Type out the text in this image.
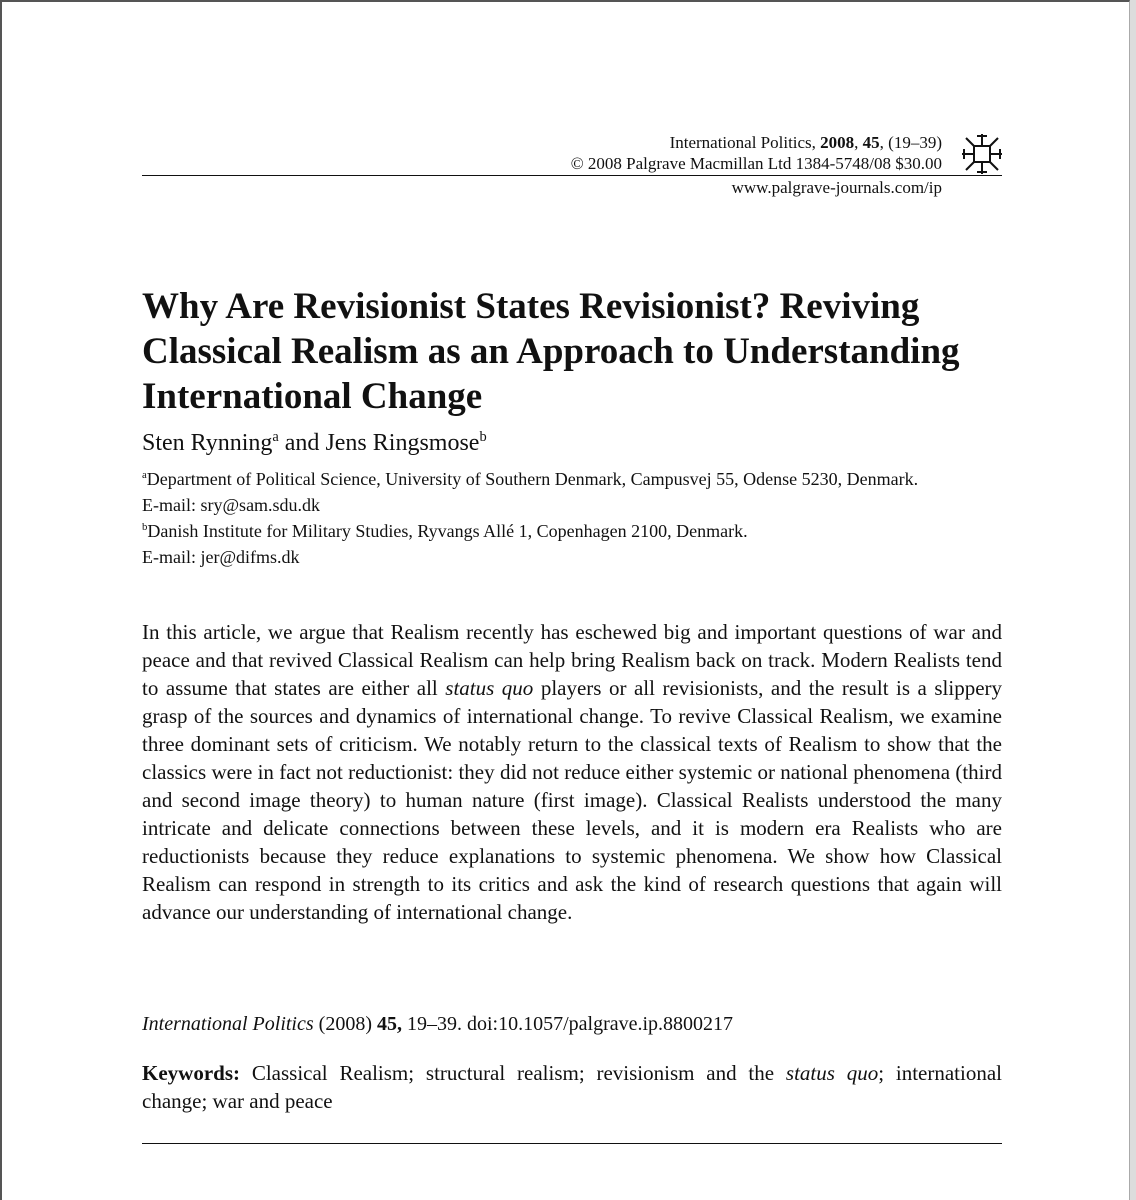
International Politics, 2008, 45, (19–39)
© 2008 Palgrave Macmillan Ltd 1384-5748/08 $30.00
www.palgrave-journals.com/ip
Why Are Revisionist States Revisionist? Reviving Classical Realism as an Approach to Understanding International Change
Sten Rynning$^a$ and Jens Ringsmose$^b$
$^a$Department of Political Science, University of Southern Denmark, Campusvej 55, Odense 5230, Denmark.
E-mail: sry@sam.sdu.dk
$^b$Danish Institute for Military Studies, Ryvangs Allé 1, Copenhagen 2100, Denmark.
E-mail: jer@difms.dk
In this article, we argue that Realism recently has eschewed big and important questions of war and peace and that revived Classical Realism can help bring Realism back on track. Modern Realists tend to assume that states are either all status quo players or all revisionists, and the result is a slippery grasp of the sources and dynamics of international change. To revive Classical Realism, we examine three dominant sets of criticism. We notably return to the classical texts of Realism to show that the classics were in fact not reductionist: they did not reduce either systemic or national phenomena (third and second image theory) to human nature (first image). Classical Realists understood the many intricate and delicate connections between these levels, and it is modern era Realists who are reductionists because they reduce explanations to systemic phenomena. We show how Classical Realism can respond in strength to its critics and ask the kind of research questions that again will advance our understanding of international change.
International Politics (2008) 45, 19–39. doi:10.1057/palgrave.ip.8800217
Keywords: Classical Realism; structural realism; revisionism and the status quo; international change; war and peace
